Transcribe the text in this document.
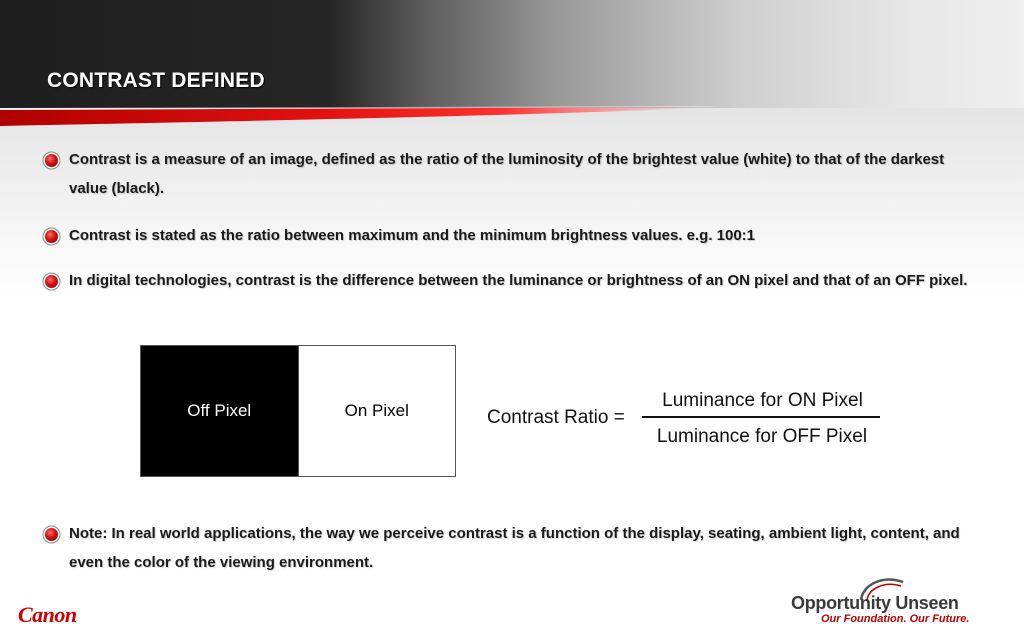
CONTRAST DEFINED
Contrast is a measure of an image, defined as the ratio of the luminosity of the brightest value (white) to that of the darkest value (black).
Contrast is stated as the ratio between maximum and the minimum brightness values. e.g. 100:1
In digital technologies, contrast is the difference between the luminance or brightness of an ON pixel and that of an OFF pixel.
Off Pixel	On Pixel	Contrast Ratio =
Luminance for ON Pixel
Luminance for OFF Pixel
Note: In real world applications, the way we perceive contrast is a function of the display, seating, ambient light, content, and even the color of the viewing environment.
Canon	Opportunity Unseen
Our Foundation. Our Future.
